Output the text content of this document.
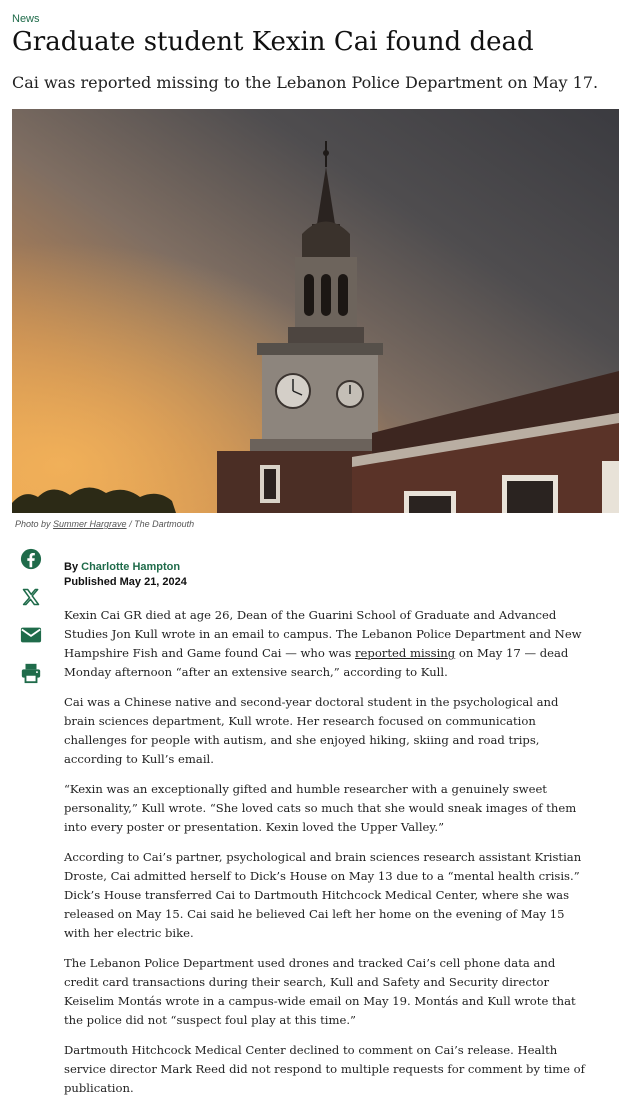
News
Graduate student Kexin Cai found dead

Cai was reported missing to the Lebanon Police Department on May 17.

Photo by Summer Hargrave / The Dartmouth
By Charlotte Hampton
Published May 21, 2024

Kexin Cai GR died at age 26, Dean of the Guarini School of Graduate and Advanced Studies Jon Kull wrote in an email to campus. The Lebanon Police Department and New Hampshire Fish and Game found Cai — who was reported missing on May 17 — dead Monday afternoon “after an extensive search,” according to Kull.

Cai was a Chinese native and second-year doctoral student in the psychological and brain sciences department, Kull wrote. Her research focused on communication challenges for people with autism, and she enjoyed hiking, skiing and road trips, according to Kull’s email.

“Kexin was an exceptionally gifted and humble researcher with a genuinely sweet personality,” Kull wrote. “She loved cats so much that she would sneak images of them into every poster or presentation. Kexin loved the Upper Valley.”

According to Cai’s partner, psychological and brain sciences research assistant Kristian Droste, Cai admitted herself to Dick’s House on May 13 due to a “mental health crisis.” Dick’s House transferred Cai to Dartmouth Hitchcock Medical Center, where she was released on May 15. Cai said he believed Cai left her home on the evening of May 15 with her electric bike.

The Lebanon Police Department used drones and tracked Cai’s cell phone data and credit card transactions during their search, Kull and Safety and Security director Keiselim Montás wrote in a campus-wide email on May 19. Montás and Kull wrote that the police did not “suspect foul play at this time.”

Dartmouth Hitchcock Medical Center declined to comment on Cai’s release. Health service director Mark Reed did not respond to multiple requests for comment by time of publication.
